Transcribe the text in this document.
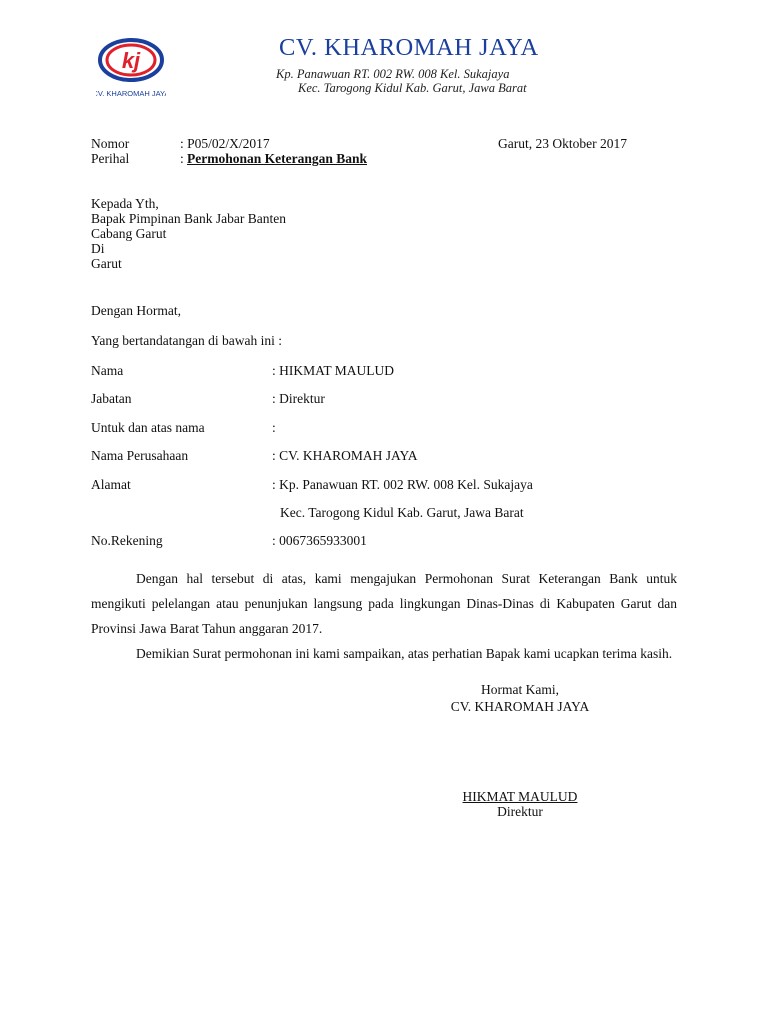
kj
CV. KHAROMAH JAYA
CV. KHAROMAH JAYA
Kp. Panawuan RT. 002 RW. 008 Kel. Sukajaya
Kec. Tarogong Kidul Kab. Garut, Jawa Barat
Nomor	: P05/02/X/2017	Garut, 23 Oktober 2017
Perihal	: Permohonan Keterangan Bank
Kepada Yth,
Bapak Pimpinan Bank Jabar Banten
Cabang Garut
Di
Garut
Dengan Hormat,
Yang bertandatangan di bawah ini :
Nama	: HIKMAT MAULUD
Jabatan	: Direktur
Untuk dan atas nama	:
Nama Perusahaan	: CV. KHAROMAH JAYA
Alamat	: Kp. Panawuan RT. 002 RW. 008 Kel. Sukajaya
Kec. Tarogong Kidul Kab. Garut, Jawa Barat
No.Rekening	: 0067365933001

Dengan hal tersebut di atas, kami mengajukan Permohonan Surat Keterangan Bank untuk mengikuti pelelangan atau penunjukan langsung pada lingkungan Dinas-Dinas di Kabupaten Garut dan Provinsi Jawa Barat Tahun anggaran 2017.

Demikian Surat permohonan ini kami sampaikan, atas perhatian Bapak kami ucapkan terima kasih.

Hormat Kami,
CV. KHAROMAH JAYA
HIKMAT MAULUD
Direktur
